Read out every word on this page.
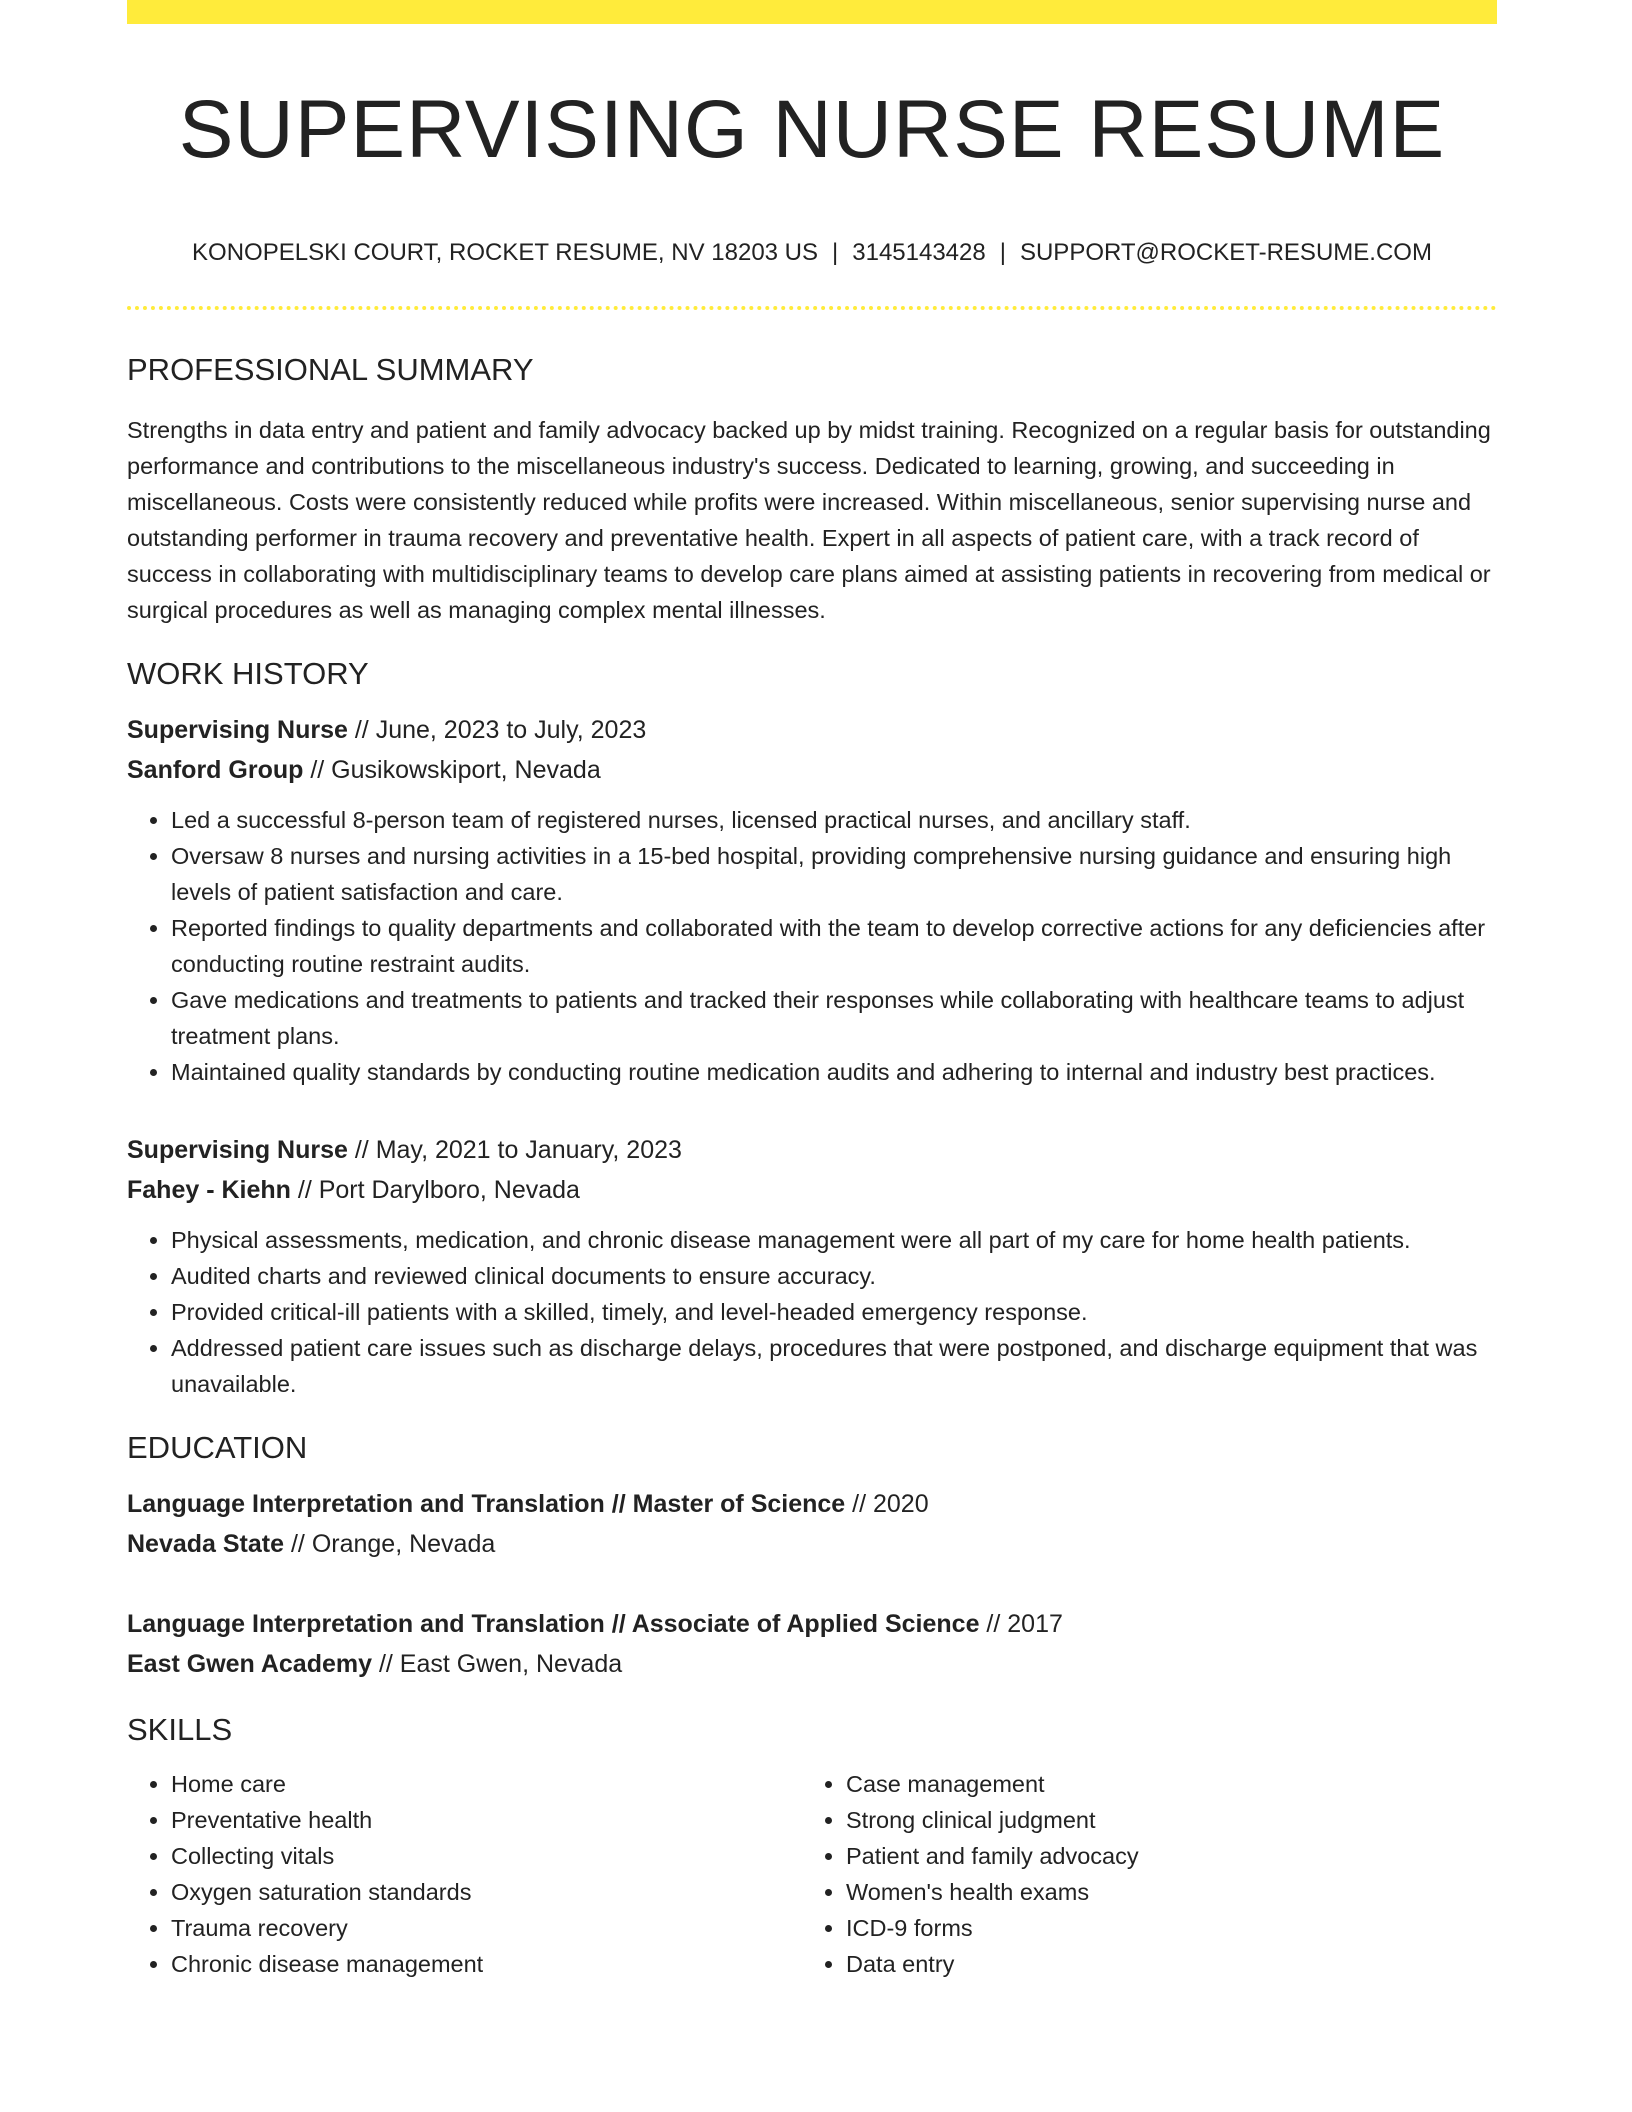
SUPERVISING NURSE RESUME
KONOPELSKI COURT, ROCKET RESUME, NV 18203 US | 3145143428 | SUPPORT@ROCKET-RESUME.COM
PROFESSIONAL SUMMARY

Strengths in data entry and patient and family advocacy backed up by midst training. Recognized on a regular basis for outstanding performance and contributions to the miscellaneous industry's success. Dedicated to learning, growing, and succeeding in miscellaneous. Costs were consistently reduced while profits were increased. Within miscellaneous, senior supervising nurse and outstanding performer in trauma recovery and preventative health. Expert in all aspects of patient care, with a track record of success in collaborating with multidisciplinary teams to develop care plans aimed at assisting patients in recovering from medical or surgical procedures as well as managing complex mental illnesses.

WORK HISTORY
Supervising Nurse // June, 2023 to July, 2023
Sanford Group // Gusikowskiport, Nevada
• Led a successful 8-person team of registered nurses, licensed practical nurses, and ancillary staff.
• Oversaw 8 nurses and nursing activities in a 15-bed hospital, providing comprehensive nursing guidance and ensuring high levels of patient satisfaction and care.
• Reported findings to quality departments and collaborated with the team to develop corrective actions for any deficiencies after conducting routine restraint audits.
• Gave medications and treatments to patients and tracked their responses while collaborating with healthcare teams to adjust treatment plans.
• Maintained quality standards by conducting routine medication audits and adhering to internal and industry best practices.
Supervising Nurse // May, 2021 to January, 2023
Fahey - Kiehn // Port Darylboro, Nevada
• Physical assessments, medication, and chronic disease management were all part of my care for home health patients.
• Audited charts and reviewed clinical documents to ensure accuracy.
• Provided critical-ill patients with a skilled, timely, and level-headed emergency response.
• Addressed patient care issues such as discharge delays, procedures that were postponed, and discharge equipment that was unavailable.
EDUCATION
Language Interpretation and Translation // Master of Science // 2020
Nevada State // Orange, Nevada
Language Interpretation and Translation // Associate of Applied Science // 2017
East Gwen Academy // East Gwen, Nevada
SKILLS
• Home care
• Preventative health
• Collecting vitals
• Oxygen saturation standards
• Trauma recovery
• Chronic disease management
• Case management
• Strong clinical judgment
• Patient and family advocacy
• Women's health exams
• ICD-9 forms
• Data entry
